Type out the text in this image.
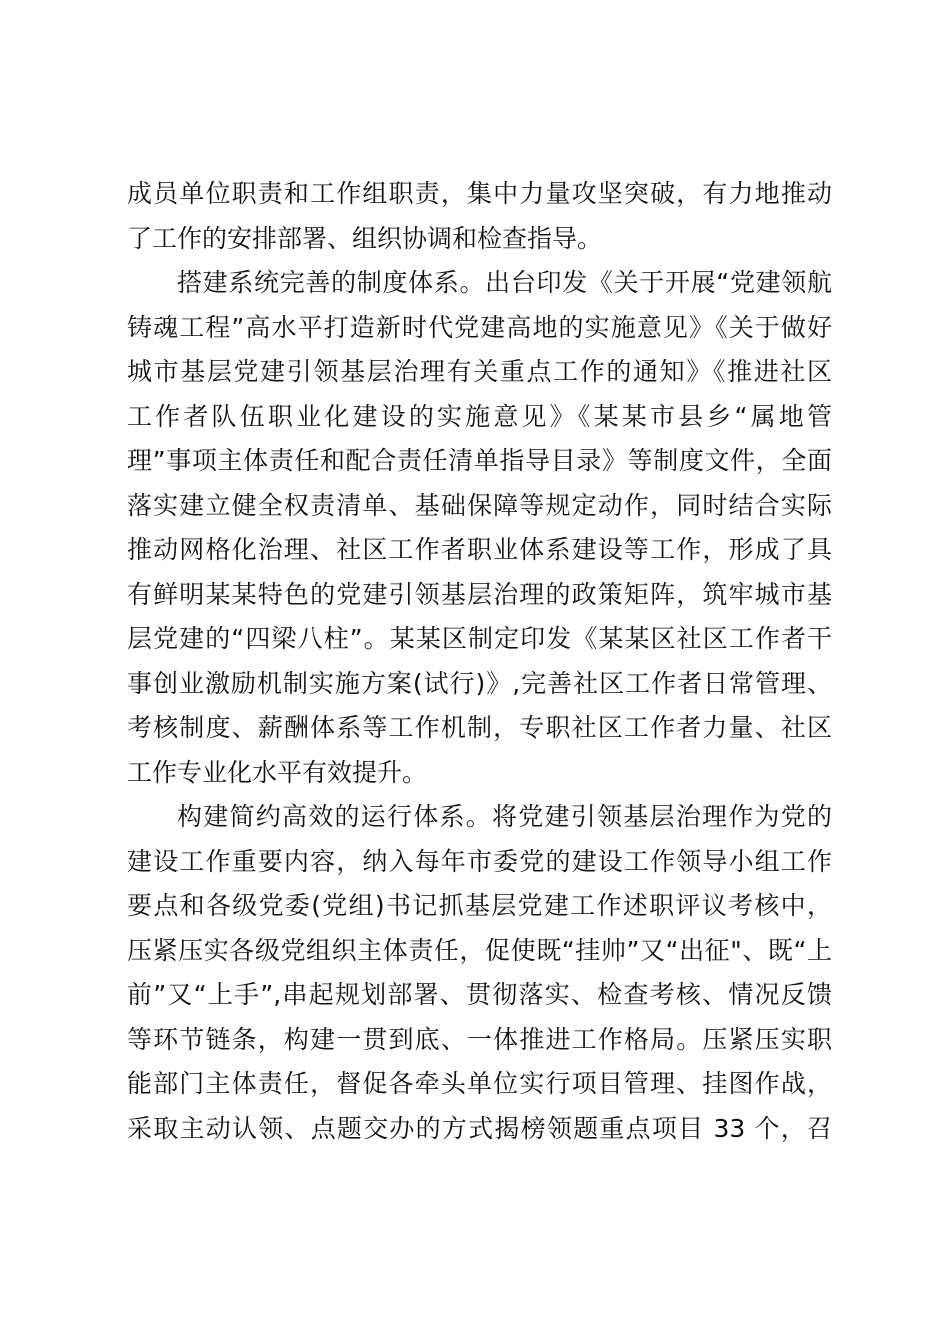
成员单位职责和工作组职责，集中力量攻坚突破，有力地推动
了工作的安排部署、组织协调和检查指导。

搭建系统完善的制度体系。出台印发《关于开展“党建领航
铸魂工程”高水平打造新时代党建高地的实施意见》《关于做好
城市基层党建引领基层治理有关重点工作的通知》《推进社区
工作者队伍职业化建设的实施意见》《某某市县乡“属地管
理”事项主体责任和配合责任清单指导目录》等制度文件，全面
落实建立健全权责清单、基础保障等规定动作，同时结合实际
推动网格化治理、社区工作者职业体系建设等工作，形成了具
有鲜明某某特色的党建引领基层治理的政策矩阵，筑牢城市基
层党建的“四梁八柱”。某某区制定印发《某某区社区工作者干
事创业激励机制实施方案(试行)》,完善社区工作者日常管理、
考核制度、薪酬体系等工作机制，专职社区工作者力量、社区
工作专业化水平有效提升。

构建简约高效的运行体系。将党建引领基层治理作为党的
建设工作重要内容，纳入每年市委党的建设工作领导小组工作
要点和各级党委(党组)书记抓基层党建工作述职评议考核中，
压紧压实各级党组织主体责任，促使既“挂帅”又“出征"、既“上
前”又“上手”,串起规划部署、贯彻落实、检查考核、情况反馈
等环节链条，构建一贯到底、一体推进工作格局。压紧压实职
能部门主体责任，督促各牵头单位实行项目管理、挂图作战，
采取主动认领、点题交办的方式揭榜领题重点项目 33 个，召
